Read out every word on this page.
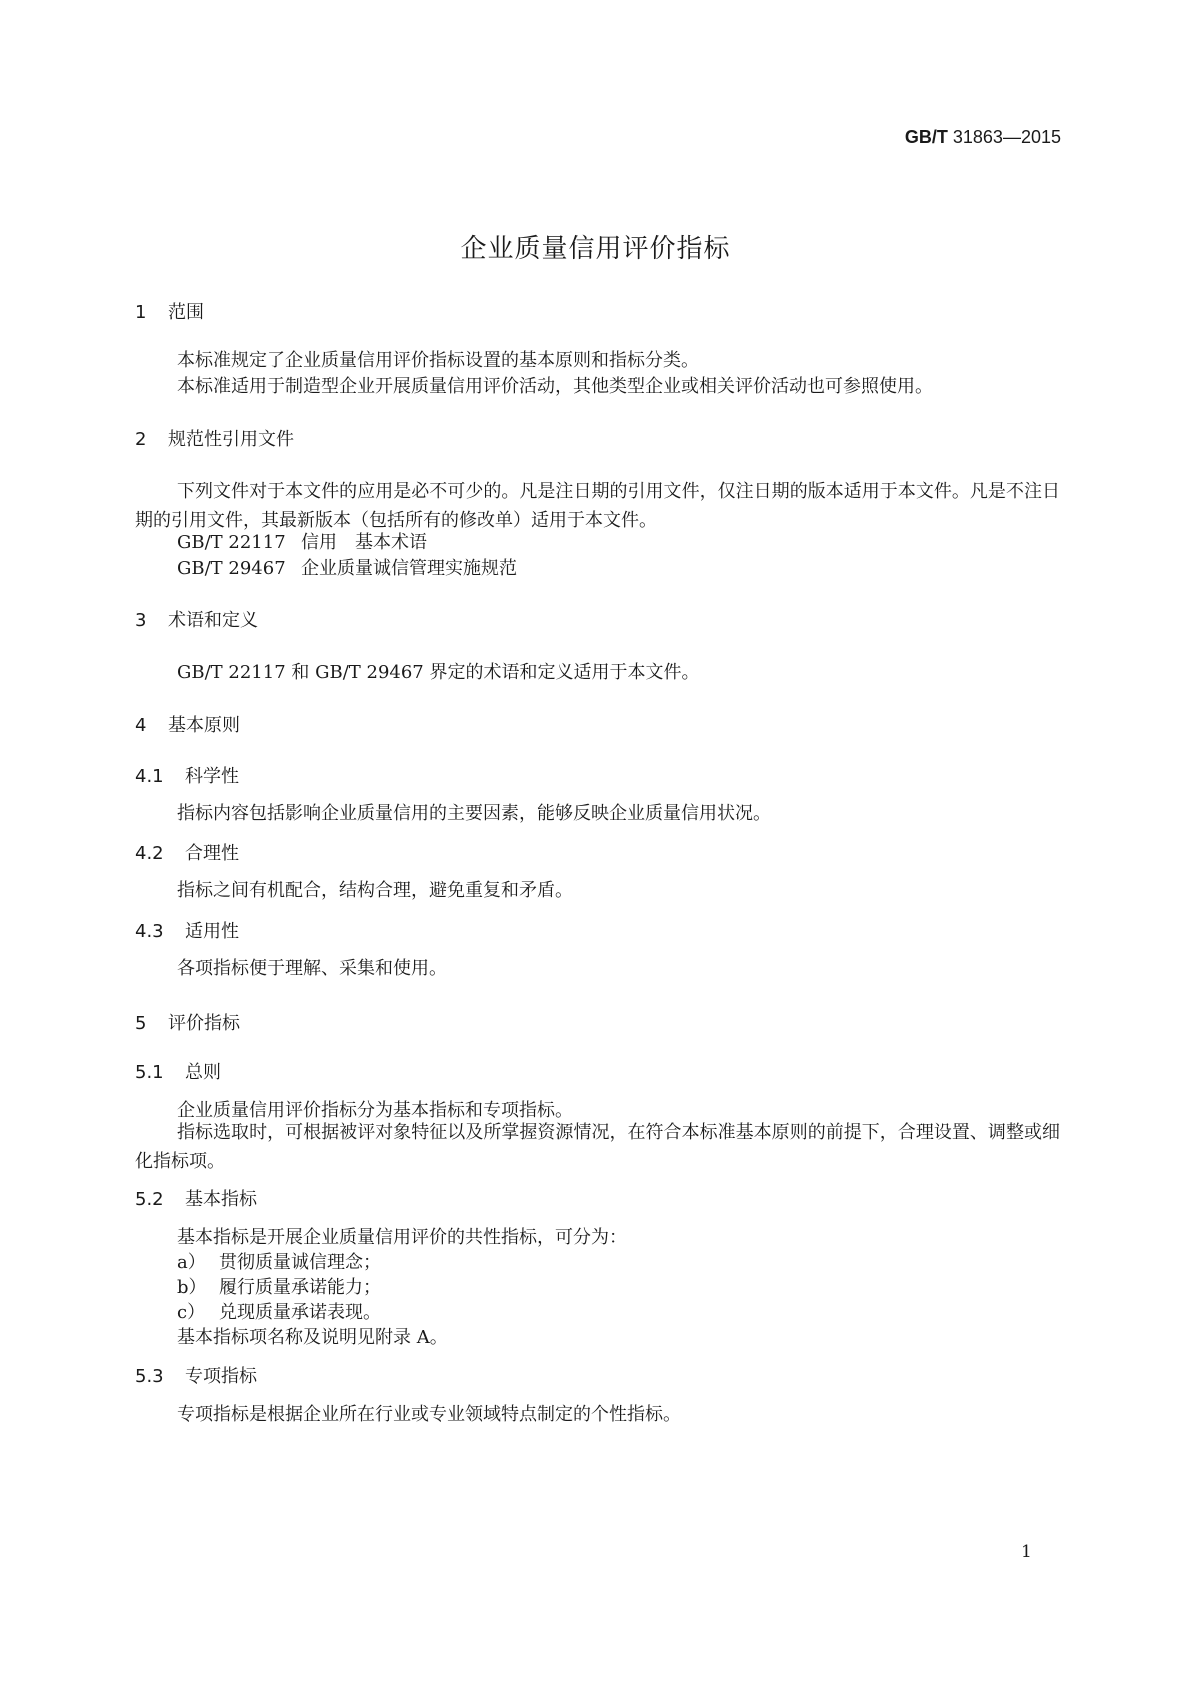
GB/T 31863—2015
企业质量信用评价指标
1 范围
本标准规定了企业质量信用评价指标设置的基本原则和指标分类。
本标准适用于制造型企业开展质量信用评价活动，其他类型企业或相关评价活动也可参照使用。
2 规范性引用文件
下列文件对于本文件的应用是必不可少的。凡是注日期的引用文件，仅注日期的版本适用于本文件。凡是不注日期的引用文件，其最新版本（包括所有的修改单）适用于本文件。
GB/T 22117 信用　基本术语
GB/T 29467 企业质量诚信管理实施规范
3 术语和定义
GB/T 22117 和 GB/T 29467 界定的术语和定义适用于本文件。
4 基本原则
4.1 科学性
指标内容包括影响企业质量信用的主要因素，能够反映企业质量信用状况。
4.2 合理性
指标之间有机配合，结构合理，避免重复和矛盾。
4.3 适用性
各项指标便于理解、采集和使用。
5 评价指标
5.1 总则
企业质量信用评价指标分为基本指标和专项指标。
指标选取时，可根据被评对象特征以及所掌握资源情况，在符合本标准基本原则的前提下，合理设置、调整或细化指标项。
5.2 基本指标
基本指标是开展企业质量信用评价的共性指标，可分为：
a） 贯彻质量诚信理念；
b） 履行质量承诺能力；
c） 兑现质量承诺表现。
基本指标项名称及说明见附录 A。
5.3 专项指标
专项指标是根据企业所在行业或专业领域特点制定的个性指标。
1
